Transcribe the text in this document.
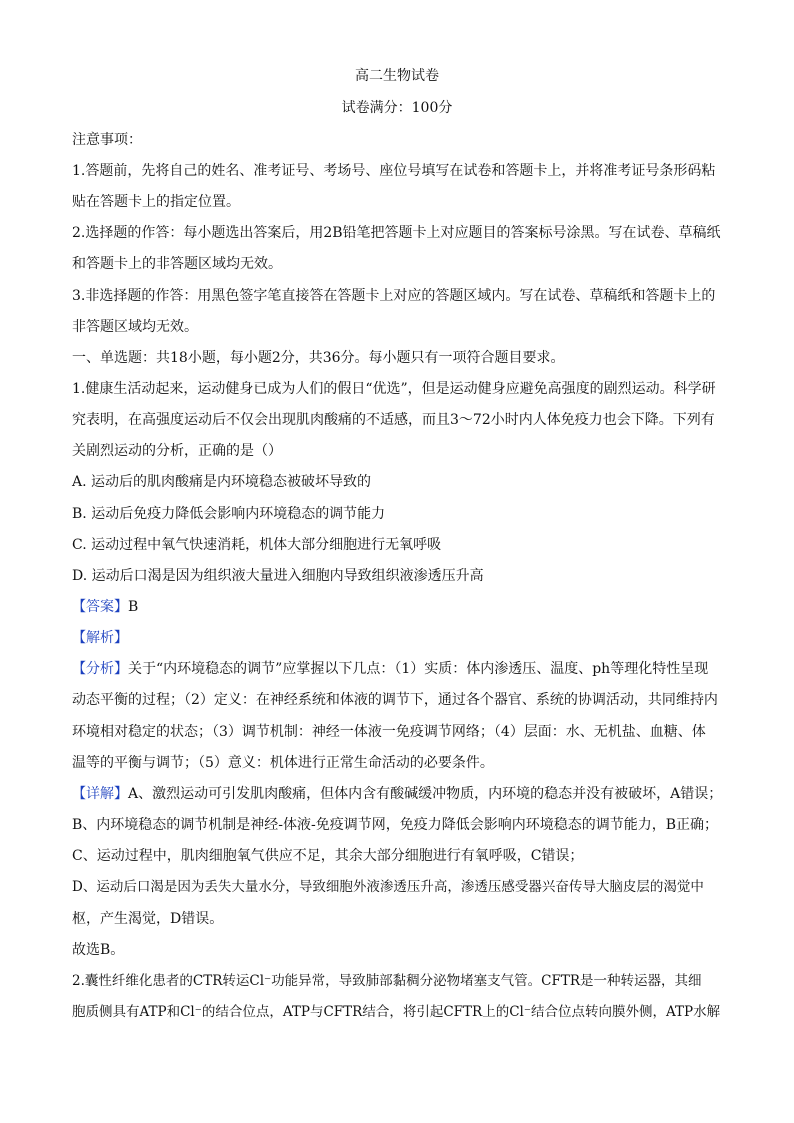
高二生物试卷
试卷满分：100分
注意事项：
1.答题前，先将自己的姓名、准考证号、考场号、座位号填写在试卷和答题卡上，并将准考证号条形码粘
贴在答题卡上的指定位置。
2.选择题的作答：每小题选出答案后，用2B铅笔把答题卡上对应题目的答案标号涂黑。写在试卷、草稿纸
和答题卡上的非答题区域均无效。
3.非选择题的作答：用黑色签字笔直接答在答题卡上对应的答题区域内。写在试卷、草稿纸和答题卡上的
非答题区域均无效。
一、单选题：共18小题，每小题2分，共36分。每小题只有一项符合题目要求。
1.健康生活动起来，运动健身已成为人们的假日“优选”，但是运动健身应避免高强度的剧烈运动。科学研
究表明，在高强度运动后不仅会出现肌肉酸痛的不适感，而且3～72小时内人体免疫力也会下降。下列有
关剧烈运动的分析，正确的是（）
A. 运动后的肌肉酸痛是内环境稳态被破坏导致的
B. 运动后免疫力降低会影响内环境稳态的调节能力
C. 运动过程中氧气快速消耗，机体大部分细胞进行无氧呼吸
D. 运动后口渴是因为组织液大量进入细胞内导致组织液渗透压升高
【答案】B
【解析】
【分析】关于“内环境稳态的调节”应掌握以下几点：（1）实质：体内渗透压、温度、ph等理化特性呈现
动态平衡的过程；（2）定义：在神经系统和体液的调节下，通过各个器官、系统的协调活动，共同维持内
环境相对稳定的状态；（3）调节机制：神经一体液一免疫调节网络；（4）层面：水、无机盐、血糖、体
温等的平衡与调节；（5）意义：机体进行正常生命活动的必要条件。
【详解】A、激烈运动可引发肌肉酸痛，但体内含有酸碱缓冲物质，内环境的稳态并没有被破坏，A错误；
B、内环境稳态的调节机制是神经-体液-免疫调节网，免疫力降低会影响内环境稳态的调节能力，B正确；
C、运动过程中，肌肉细胞氧气供应不足，其余大部分细胞进行有氧呼吸，C错误；
D、运动后口渴是因为丢失大量水分，导致细胞外液渗透压升高，渗透压感受器兴奋传导大脑皮层的渴觉中
枢，产生渴觉，D错误。
故选B。
2.囊性纤维化患者的CTR转运Cl⁻功能异常，导致肺部黏稠分泌物堵塞支气管。CFTR是一种转运器，其细
胞质侧具有ATP和Cl⁻的结合位点，ATP与CFTR结合，将引起CFTR上的Cl⁻结合位点转向膜外侧，ATP水解
